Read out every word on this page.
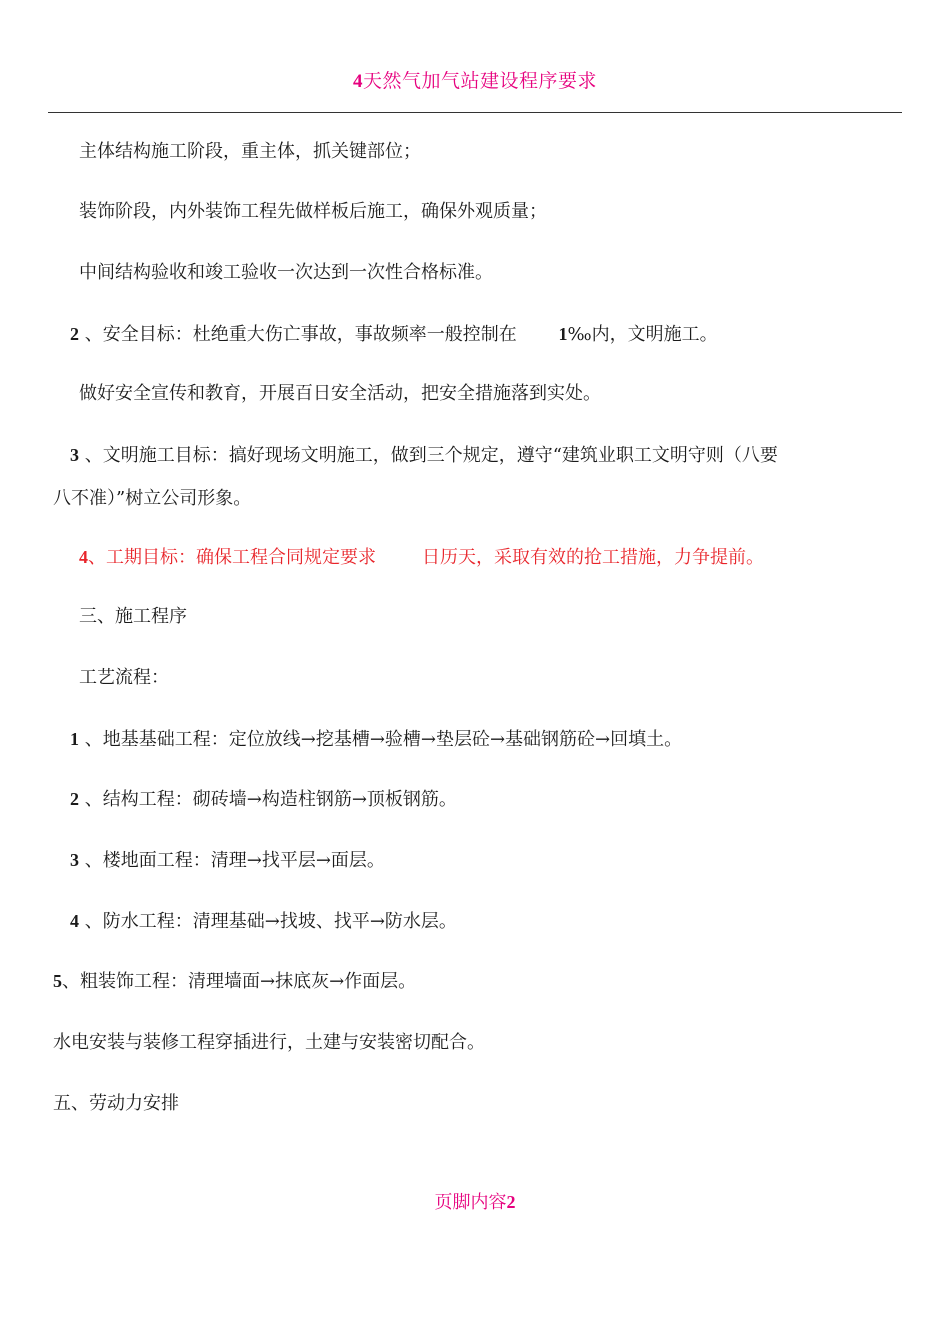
4天然气加气站建设程序要求
主体结构施工阶段，重主体，抓关键部位；
装饰阶段，内外装饰工程先做样板后施工，确保外观质量；
中间结构验收和竣工验收一次达到一次性合格标准。
2 、安全目标：杜绝重大伤亡事故，事故频率一般控制在 1‰内，文明施工。
做好安全宣传和教育，开展百日安全活动，把安全措施落到实处。
3 、文明施工目标：搞好现场文明施工，做到三个规定，遵守“建筑业职工文明守则（八要
八不准）”树立公司形象。
4、工期目标：确保工程合同规定要求	日历天，采取有效的抢工措施，力争提前。
三、施工程序
工艺流程：
1 、地基基础工程：定位放线→挖基槽→验槽→垫层砼→基础钢筋砼→回填土。
2 、结构工程：砌砖墙→构造柱钢筋→顶板钢筋。
3 、楼地面工程：清理→找平层→面层。
4 、防水工程：清理基础→找坡、找平→防水层。
5、粗装饰工程：清理墙面→抹底灰→作面层。
水电安装与装修工程穿插进行，土建与安装密切配合。
五、劳动力安排
页脚内容2
